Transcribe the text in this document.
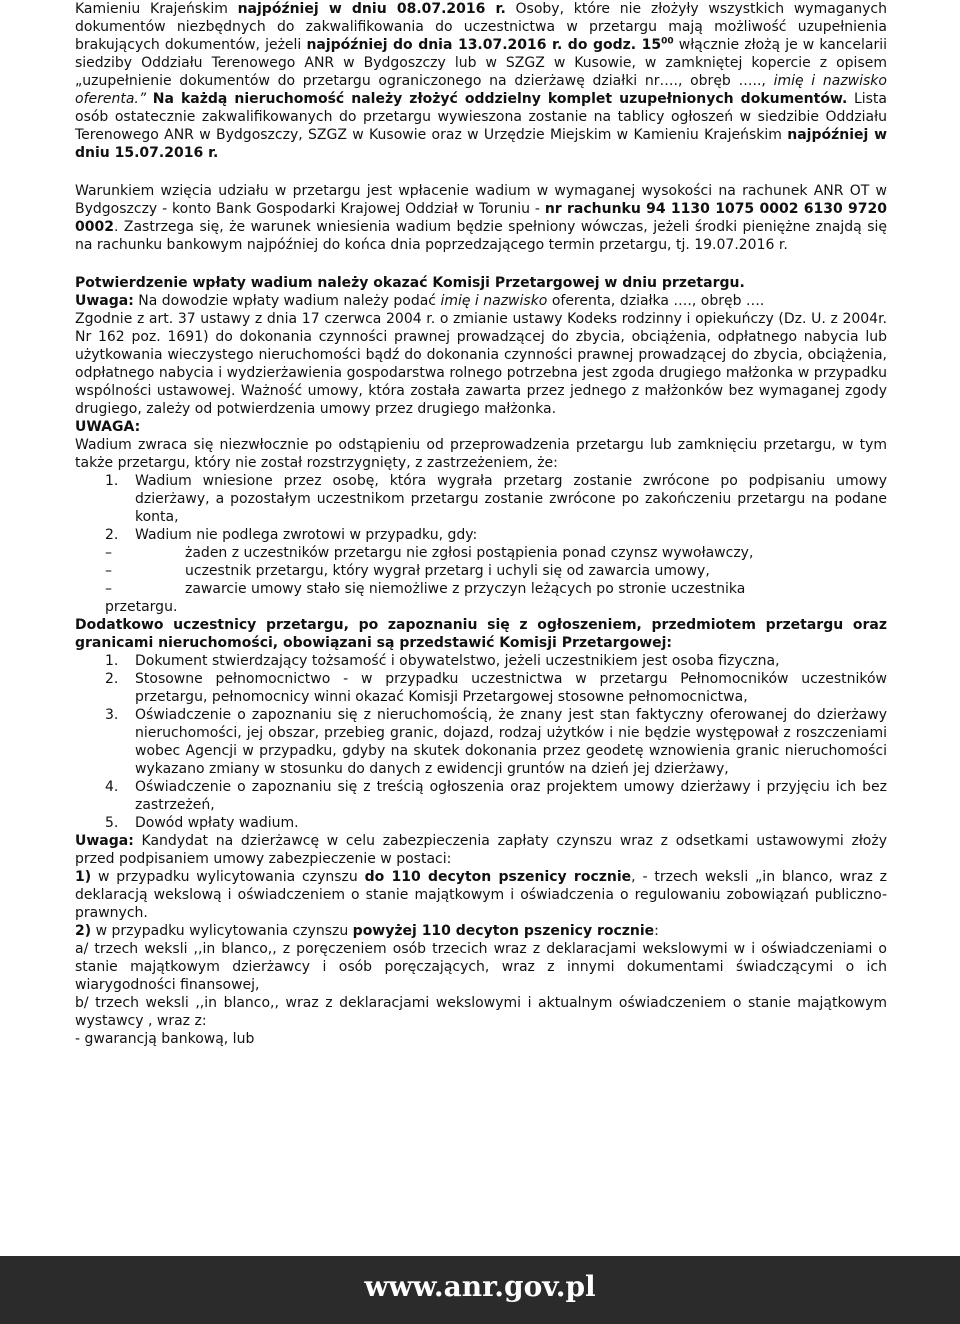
Kamieniu Krajeńskim najpóźniej w dniu 08.07.2016 r. Osoby, które nie złożyły wszystkich wymaganych dokumentów niezbędnych do zakwalifikowania do uczestnictwa w przetargu mają możliwość uzupełnienia brakujących dokumentów, jeżeli najpóźniej do dnia 13.07.2016 r. do godz. $15^{00}$ włącznie złożą je w kancelarii siedziby Oddziału Terenowego ANR w Bydgoszczy lub w SZGZ w Kusowie, w zamkniętej kopercie z opisem „uzupełnienie dokumentów do przetargu ograniczonego na dzierżawę działki nr…., obręb ….., imię i nazwisko oferenta.” Na każdą nieruchomość należy złożyć oddzielny komplet uzupełnionych dokumentów. Lista osób ostatecznie zakwalifikowanych do przetargu wywieszona zostanie na tablicy ogłoszeń w siedzibie Oddziału Terenowego ANR w Bydgoszczy, SZGZ w Kusowie oraz w Urzędzie Miejskim w Kamieniu Krajeńskim najpóźniej w dniu 15.07.2016 r.

Warunkiem wzięcia udziału w przetargu jest wpłacenie wadium w wymaganej wysokości na rachunek ANR OT w Bydgoszczy - konto Bank Gospodarki Krajowej Oddział w Toruniu - nr rachunku 94 1130 1075 0002 6130 9720 0002. Zastrzega się, że warunek wniesienia wadium będzie spełniony wówczas, jeżeli środki pieniężne znajdą się na rachunku bankowym najpóźniej do końca dnia poprzedzającego termin przetargu, tj. 19.07.2016 r.

Potwierdzenie wpłaty wadium należy okazać Komisji Przetargowej w dniu przetargu.

Uwaga: Na dowodzie wpłaty wadium należy podać imię i nazwisko oferenta, działka …., obręb ….

Zgodnie z art. 37 ustawy z dnia 17 czerwca 2004 r. o zmianie ustawy Kodeks rodzinny i opiekuńczy (Dz. U. z 2004r. Nr 162 poz. 1691) do dokonania czynności prawnej prowadzącej do zbycia, obciążenia, odpłatnego nabycia lub użytkowania wieczystego nieruchomości bądź do dokonania czynności prawnej prowadzącej do zbycia, obciążenia, odpłatnego nabycia i wydzierżawienia gospodarstwa rolnego potrzebna jest zgoda drugiego małżonka w przypadku wspólności ustawowej. Ważność umowy, która została zawarta przez jednego z małżonków bez wymaganej zgody drugiego, zależy od potwierdzenia umowy przez drugiego małżonka.

UWAGA:

Wadium zwraca się niezwłocznie po odstąpieniu od przeprowadzenia przetargu lub zamknięciu przetargu, w tym także przetargu, który nie został rozstrzygnięty, z zastrzeżeniem, że:

1.	Wadium wniesione przez osobę, która wygrała przetarg zostanie zwrócone po podpisaniu umowy dzierżawy, a pozostałym uczestnikom przetargu zostanie zwrócone po zakończeniu przetargu na podane konta,
2.	Wadium nie podlega zwrotowi w przypadku, gdy:
–	żaden z uczestników przetargu nie zgłosi postąpienia ponad czynsz wywoławczy,
–	uczestnik przetargu, który wygrał przetarg i uchyli się od zawarcia umowy,
–	zawarcie umowy stało się niemożliwe z przyczyn leżących po stronie uczestnika

przetargu.

Dodatkowo uczestnicy przetargu, po zapoznaniu się z ogłoszeniem, przedmiotem przetargu oraz granicami nieruchomości, obowiązani są przedstawić Komisji Przetargowej:

1.	Dokument stwierdzający tożsamość i obywatelstwo, jeżeli uczestnikiem jest osoba fizyczna,
2.	Stosowne pełnomocnictwo - w przypadku uczestnictwa w przetargu Pełnomocników uczestników przetargu, pełnomocnicy winni okazać Komisji Przetargowej stosowne pełnomocnictwa,
3.	Oświadczenie o zapoznaniu się z nieruchomością, że znany jest stan faktyczny oferowanej do dzierżawy nieruchomości, jej obszar, przebieg granic, dojazd, rodzaj użytków i nie będzie występował z roszczeniami wobec Agencji w przypadku, gdyby na skutek dokonania przez geodetę wznowienia granic nieruchomości wykazano zmiany w stosunku do danych z ewidencji gruntów na dzień jej dzierżawy,
4.	Oświadczenie o zapoznaniu się z treścią ogłoszenia oraz projektem umowy dzierżawy i przyjęciu ich bez zastrzeżeń,
5.	Dowód wpłaty wadium.

Uwaga: Kandydat na dzierżawcę w celu zabezpieczenia zapłaty czynszu wraz z odsetkami ustawowymi złoży przed podpisaniem umowy zabezpieczenie w postaci:

1) w przypadku wylicytowania czynszu do 110 decyton pszenicy rocznie, - trzech weksli „in blanco, wraz z deklaracją wekslową i oświadczeniem o stanie majątkowym i oświadczenia o regulowaniu zobowiązań publiczno-prawnych.

2) w przypadku wylicytowania czynszu powyżej 110 decyton pszenicy rocznie:

a/ trzech weksli ,,in blanco,, z poręczeniem osób trzecich wraz z deklaracjami wekslowymi w i oświadczeniami o stanie majątkowym dzierżawcy i osób poręczających, wraz z innymi dokumentami świadczącymi o ich wiarygodności finansowej,

b/ trzech weksli ,,in blanco,, wraz z deklaracjami wekslowymi i aktualnym oświadczeniem o stanie majątkowym wystawcy , wraz z:

- gwarancją bankową, lub

www.anr.gov.pl
